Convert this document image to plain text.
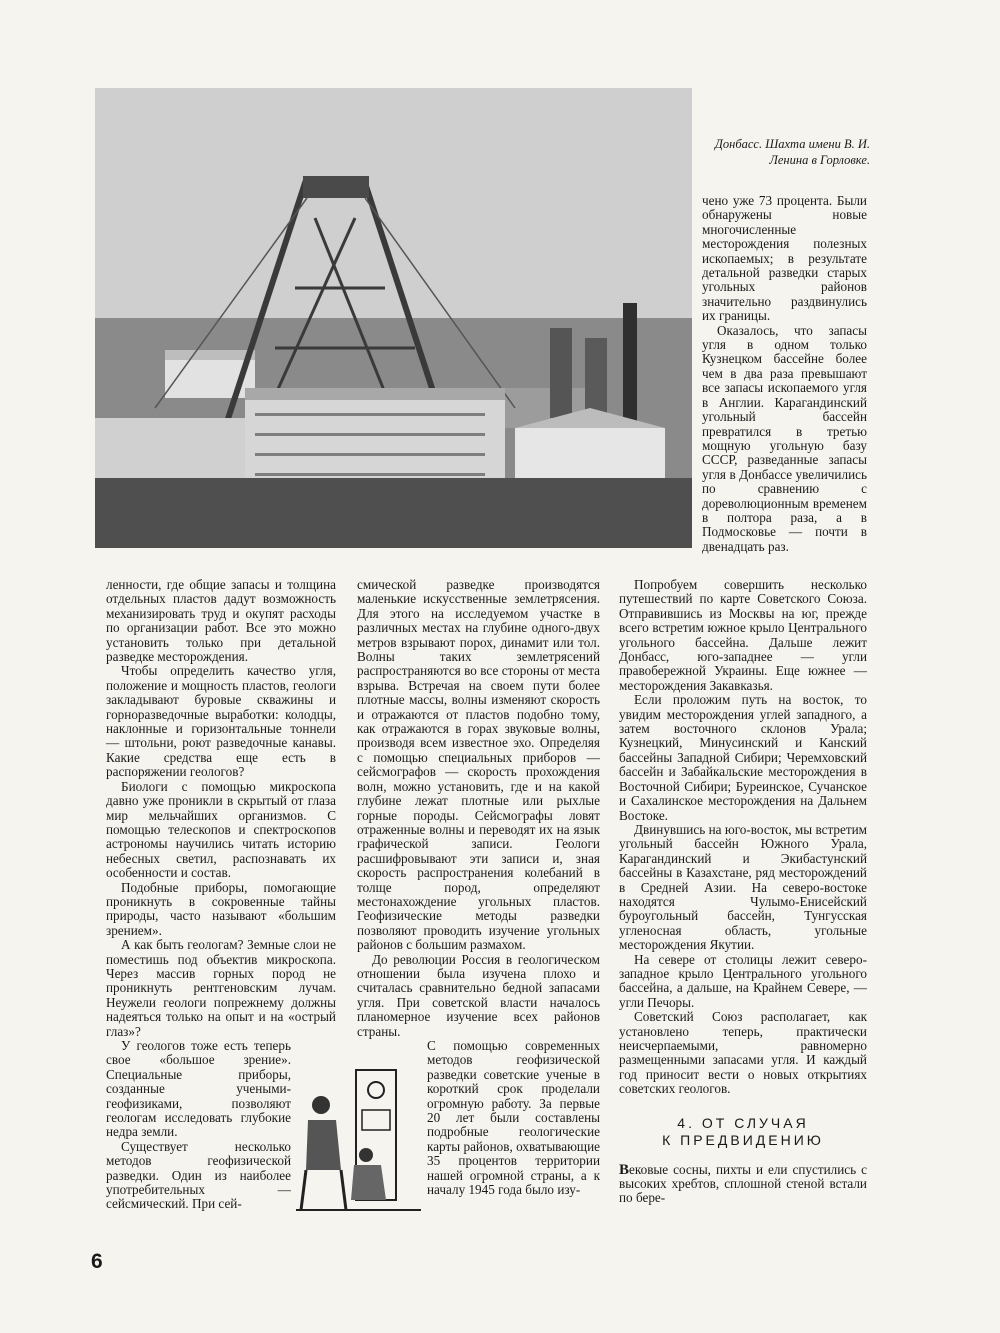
Донбасс. Шахта имени В. И. Ленина в Горловке.

чено уже 73 процента. Были обнаружены новые многочисленные месторождения полезных ископаемых; в результате детальной разведки старых угольных районов значительно раздвинулись их границы.

Оказалось, что запасы угля в одном только Кузнецком бассейне более чем в два раза превышают все запасы ископаемого угля в Англии. Карагандинский угольный бассейн превратился в третью мощную угольную базу СССР, разведанные запасы угля в Донбассе увеличились по сравнению с дореволюционным временем в полтора раза, а в Подмосковье — почти в двенадцать раз.

ленности, где общие запасы и толщина отдельных пластов дадут возможность механизировать труд и окупят расходы по организации работ. Все это можно установить только при детальной разведке месторождения.

Чтобы определить качество угля, положение и мощность пластов, геологи закладывают буровые скважины и горноразведочные выработки: колодцы, наклонные и горизонтальные тоннели — штольни, роют разведочные канавы. Какие средства еще есть в распоряжении геологов?

Биологи с помощью микроскопа давно уже проникли в скрытый от глаза мир мельчайших организмов. С помощью телескопов и спектроскопов астрономы научились читать историю небесных светил, распознавать их особенности и состав.

Подобные приборы, помогающие проникнуть в сокровенные тайны природы, часто называют «большим зрением».

А как быть геологам? Земные слои не поместишь под объектив микроскопа. Через массив горных пород не проникнуть рентгеновским лучам. Неужели геологи попрежнему должны надеяться только на опыт и на «острый глаз»?

У геологов тоже есть теперь свое «большое зрение». Специальные приборы, созданные учеными-геофизиками, позволяют геологам исследовать глубокие недра земли.

Существует несколько методов геофизической разведки. Один из наиболее употребительных — сейсмический. При сей-

смической разведке производятся маленькие искусственные землетрясения. Для этого на исследуемом участке в различных местах на глубине одного-двух метров взрывают порох, динамит или тол. Волны таких землетрясений распространяются во все стороны от места взрыва. Встречая на своем пути более плотные массы, волны изменяют скорость и отражаются от пластов подобно тому, как отражаются в горах звуковые волны, производя всем известное эхо. Определяя с помощью специальных приборов — сейсмографов — скорость прохождения волн, можно установить, где и на какой глубине лежат плотные или рыхлые горные породы. Сейсмографы ловят отраженные волны и переводят их на язык графической записи. Геологи расшифровывают эти записи и, зная скорость распространения колебаний в толще пород, определяют местонахождение угольных пластов. Геофизические методы разведки позволяют проводить изучение угольных районов с большим размахом.

До революции Россия в геологическом отношении была изучена плохо и считалась сравнительно бедной запасами угля. При советской власти началось планомерное изучение всех районов страны.

С помощью современных методов геофизической разведки советские ученые в короткий срок проделали огромную работу. За первые 20 лет были составлены подробные геологические карты районов, охватывающие 35 процентов территории нашей огромной страны, а к началу 1945 года было изу-

Попробуем совершить несколько путешествий по карте Советского Союза. Отправившись из Москвы на юг, прежде всего встретим южное крыло Центрального угольного бассейна. Дальше лежит Донбасс, юго-западнее — угли правобережной Украины. Еще южнее — месторождения Закавказья.

Если проложим путь на восток, то увидим месторождения углей западного, а затем восточного склонов Урала; Кузнецкий, Минусинский и Канский бассейны Западной Сибири; Черемховский бассейн и Забайкальские месторождения в Восточной Сибири; Буреинское, Сучанское и Сахалинское месторождения на Дальнем Востоке.

Двинувшись на юго-восток, мы встретим угольный бассейн Южного Урала, Карагандинский и Экибастунский бассейны в Казахстане, ряд месторождений в Средней Азии. На северо-востоке находятся Чулымо-Енисейский буроугольный бассейн, Тунгусская угленосная область, угольные месторождения Якутии.

На севере от столицы лежит северо-западное крыло Центрального угольного бассейна, а дальше, на Крайнем Севере, — угли Печоры.

Советский Союз располагает, как установлено теперь, практически неисчерпаемыми, равномерно размещенными запасами угля. И каждый год приносит вести о новых открытиях советских геологов.

4. ОТ СЛУЧАЯ
К ПРЕДВИДЕНИЮ

Вековые сосны, пихты и ели спустились с высоких хребтов, сплошной стеной встали по бере-

6
